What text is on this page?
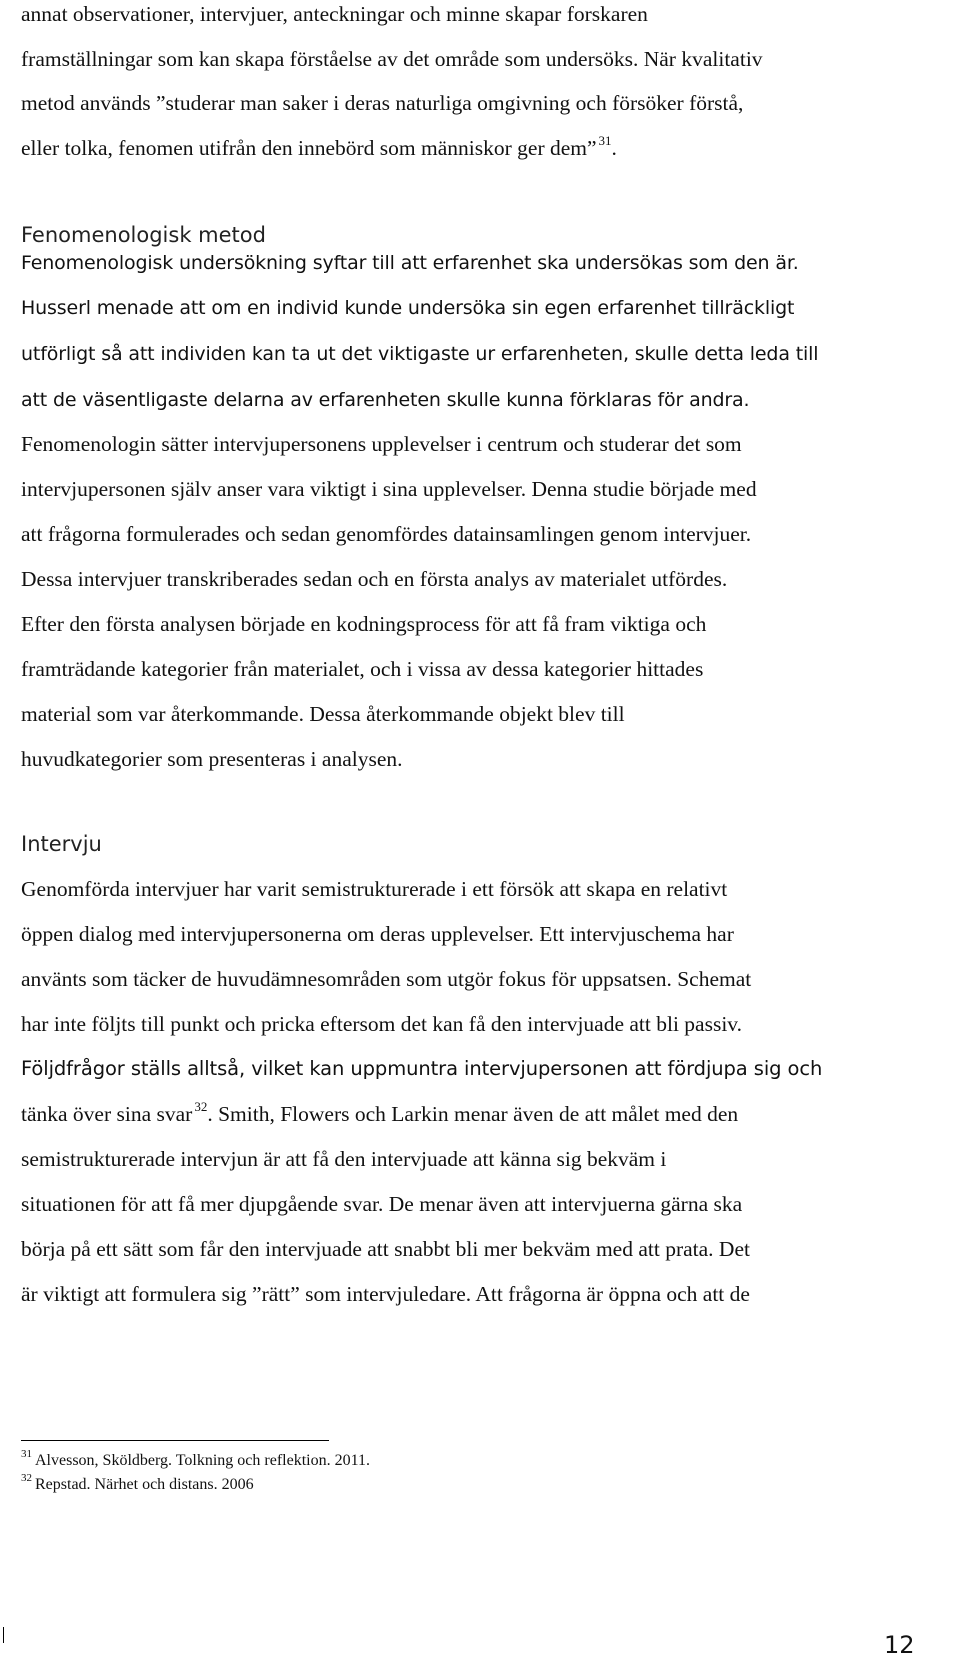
annat observationer, intervjuer, anteckningar och minne skapar forskaren
framställningar som kan skapa förståelse av det område som undersöks. När kvalitativ
metod används ”studerar man saker i deras naturliga omgivning och försöker förstå,
eller tolka, fenomen utifrån den innebörd som människor ger dem” $^{31}$.
Fenomenologisk metod
Fenomenologisk undersökning syftar till att erfarenhet ska undersökas som den är.
Husserl menade att om en individ kunde undersöka sin egen erfarenhet tillräckligt
utförligt så att individen kan ta ut det viktigaste ur erfarenheten, skulle detta leda till
att de väsentligaste delarna av erfarenheten skulle kunna förklaras för andra.
Fenomenologin sätter intervjupersonens upplevelser i centrum och studerar det som
intervjupersonen själv anser vara viktigt i sina upplevelser. Denna studie började med
att frågorna formulerades och sedan genomfördes datainsamlingen genom intervjuer.
Dessa intervjuer transkriberades sedan och en första analys av materialet utfördes.
Efter den första analysen började en kodningsprocess för att få fram viktiga och
framträdande kategorier från materialet, och i vissa av dessa kategorier hittades
material som var återkommande. Dessa återkommande objekt blev till
huvudkategorier som presenteras i analysen.
Intervju
Genomförda intervjuer har varit semistrukturerade i ett försök att skapa en relativt
öppen dialog med intervjupersonerna om deras upplevelser. Ett intervjuschema har
använts som täcker de huvudämnesområden som utgör fokus för uppsatsen. Schemat
har inte följts till punkt och pricka eftersom det kan få den intervjuade att bli passiv.
Följdfrågor ställs alltså, vilket kan uppmuntra intervjupersonen att fördjupa sig och
tänka över sina svar $^{32}$. Smith, Flowers och Larkin menar även de att målet med den
semistrukturerade intervjun är att få den intervjuade att känna sig bekväm i
situationen för att få mer djupgående svar. De menar även att intervjuerna gärna ska
börja på ett sätt som får den intervjuade att snabbt bli mer bekväm med att prata. Det
är viktigt att formulera sig ”rätt” som intervjuledare. Att frågorna är öppna och att de
$^{31}$ Alvesson, Sköldberg. Tolkning och reflektion. 2011.
$^{32}$ Repstad. Närhet och distans. 2006
12
